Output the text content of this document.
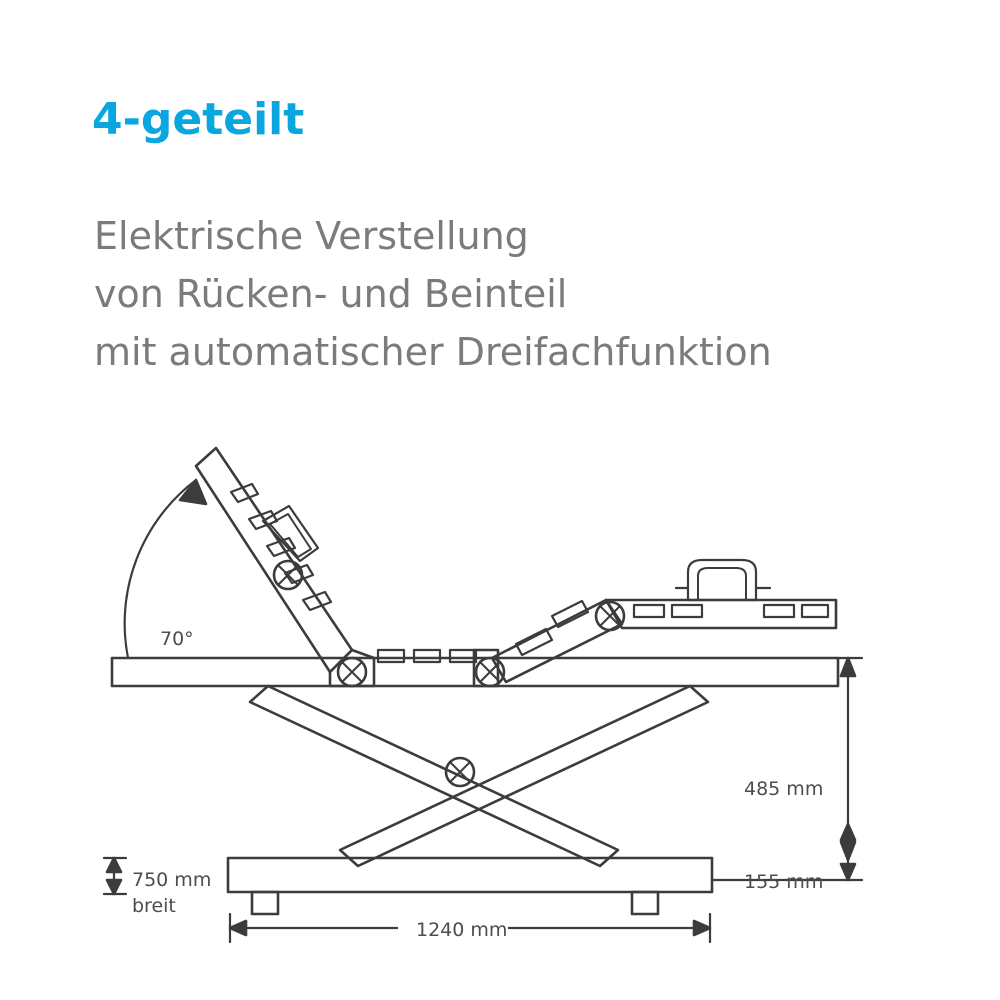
4-geteilt
Elektrische Verstellung
von Rücken- und Beinteil
mit automatischer Dreifachfunktion
70°
485 mm
155 mm
750 mm
breit
1240 mm
